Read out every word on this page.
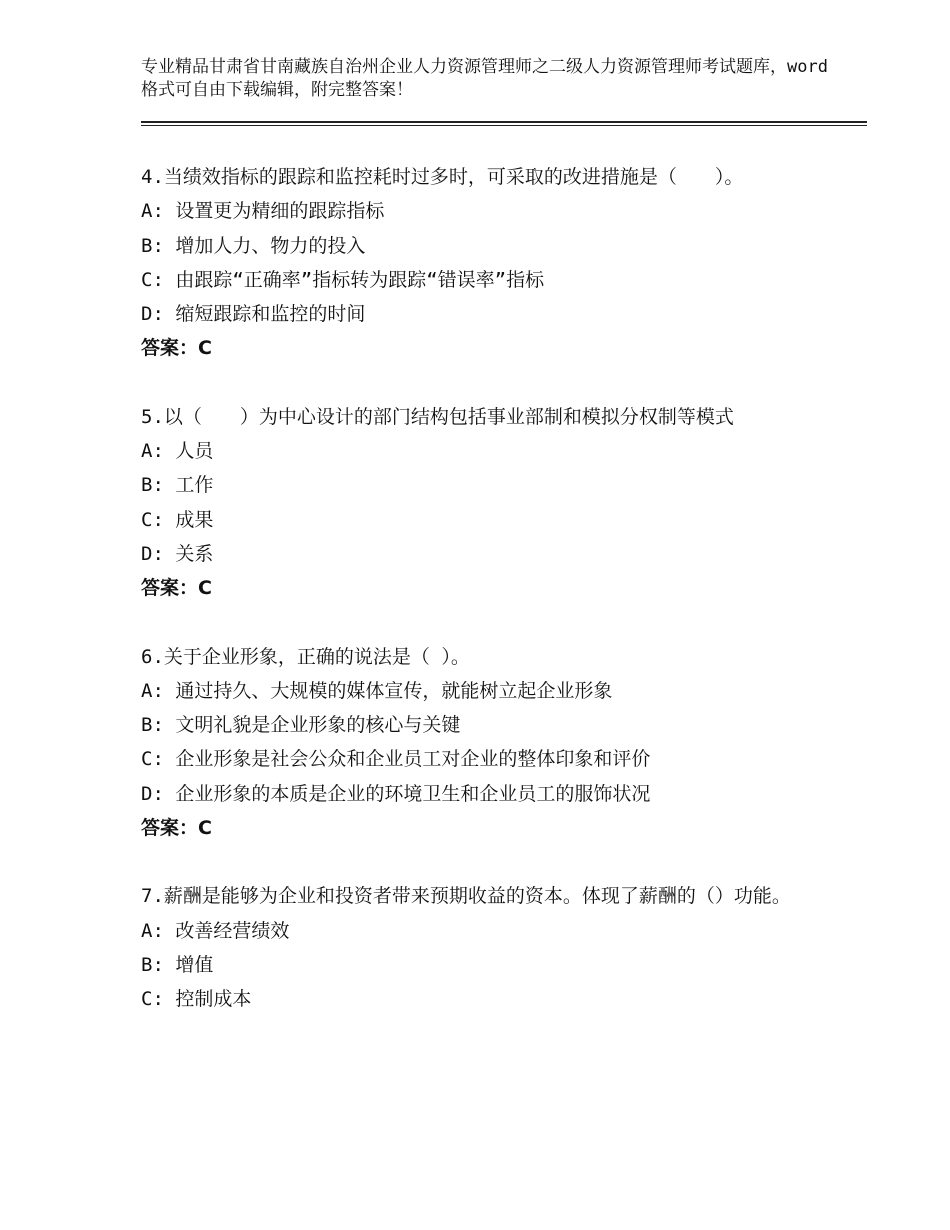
专业精品甘肃省甘南藏族自治州企业人力资源管理师之二级人力资源管理师考试题库，word格式可自由下载编辑，附完整答案！
4.当绩效指标的跟踪和监控耗时过多时，可采取的改进措施是（　　）。
A: 设置更为精细的跟踪指标
B: 增加人力、物力的投入
C: 由跟踪“正确率”指标转为跟踪“错误率”指标
D: 缩短跟踪和监控的时间
答案：C
5.以（　　）为中心设计的部门结构包括事业部制和模拟分权制等模式
A: 人员
B: 工作
C: 成果
D: 关系
答案：C
6.关于企业形象，正确的说法是（ ）。
A: 通过持久、大规模的媒体宣传，就能树立起企业形象
B: 文明礼貌是企业形象的核心与关键
C: 企业形象是社会公众和企业员工对企业的整体印象和评价
D: 企业形象的本质是企业的环境卫生和企业员工的服饰状况
答案：C
7.薪酬是能够为企业和投资者带来预期收益的资本。体现了薪酬的（）功能。
A: 改善经营绩效
B: 增值
C: 控制成本
